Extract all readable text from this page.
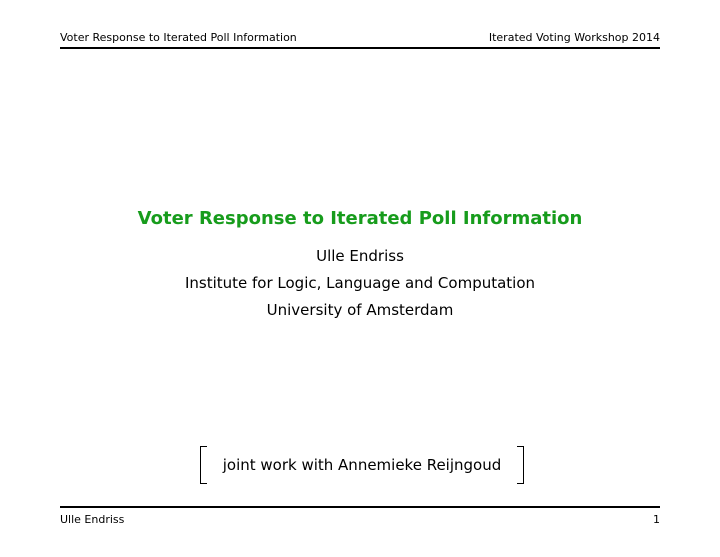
Voter Response to Iterated Poll Information	Iterated Voting Workshop 2014
Voter Response to Iterated Poll Information
Ulle Endriss
Institute for Logic, Language and Computation
University of Amsterdam
joint work with Annemieke Reijngoud
Ulle Endriss	1
